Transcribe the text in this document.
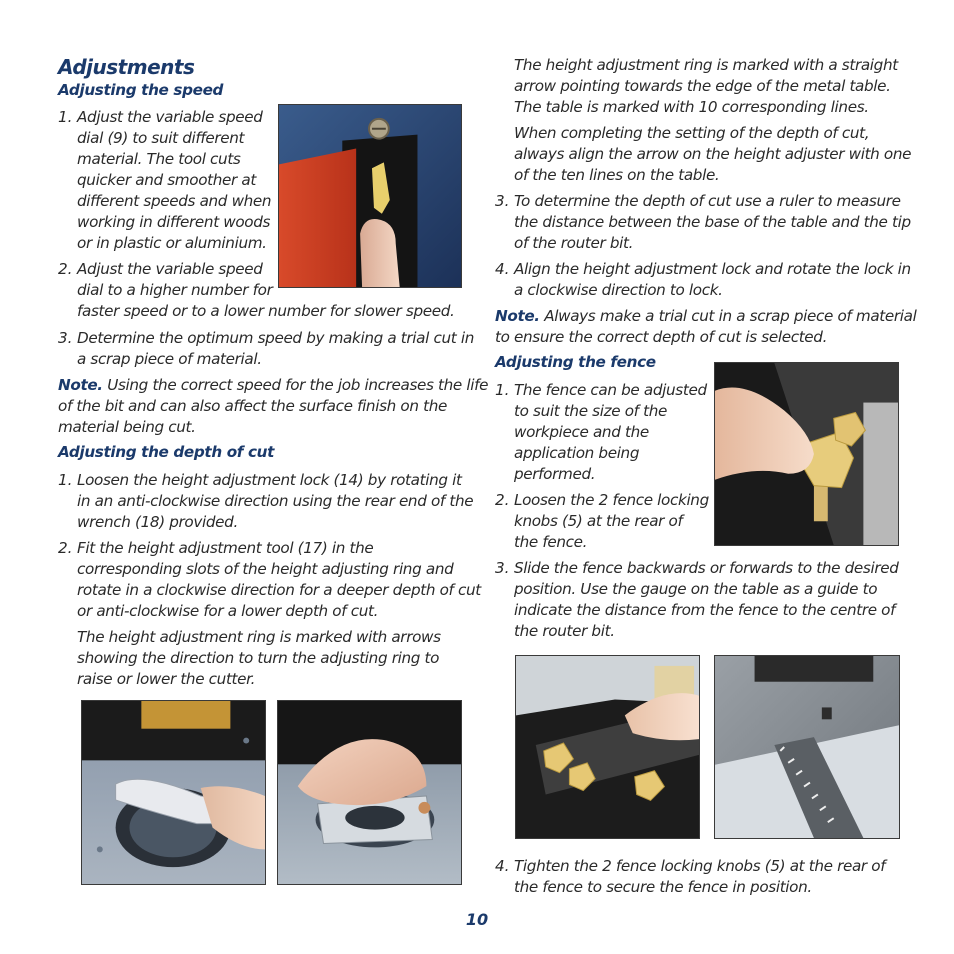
Adjustments
Adjusting the speed
1. Adjust the variable speed
dial (9) to suit different
material. The tool cuts
quicker and smoother at
different speeds and when
working in different woods
or in plastic or aluminium.
2. Adjust the variable speed
dial to a higher number for
faster speed or to a lower number for slower speed.
3. Determine the optimum speed by making a trial cut in
a scrap piece of material.
Note. Using the correct speed for the job increases the life
of the bit and can also affect the surface finish on the
material being cut.
Adjusting the depth of cut
1. Loosen the height adjustment lock (14) by rotating it
in an anti-clockwise direction using the rear end of the
wrench (18) provided.
2. Fit the height adjustment tool (17) in the
corresponding slots of the height adjusting ring and
rotate in a clockwise direction for a deeper depth of cut
or anti-clockwise for a lower depth of cut.
The height adjustment ring is marked with arrows
showing the direction to turn the adjusting ring to
raise or lower the cutter.
The height adjustment ring is marked with a straight
arrow pointing towards the edge of the metal table.
The table is marked with 10 corresponding lines.
When completing the setting of the depth of cut,
always align the arrow on the height adjuster with one
of the ten lines on the table.
3. To determine the depth of cut use a ruler to measure
the distance between the base of the table and the tip
of the router bit.
4. Align the height adjustment lock and rotate the lock in
a clockwise direction to lock.
Note. Always make a trial cut in a scrap piece of material
to ensure the correct depth of cut is selected.
Adjusting the fence
1. The fence can be adjusted
to suit the size of the
workpiece and the
application being
performed.
2. Loosen the 2 fence locking
knobs (5) at the rear of
the fence.
3. Slide the fence backwards or forwards to the desired
position. Use the gauge on the table as a guide to
indicate the distance from the fence to the centre of
the router bit.
4. Tighten the 2 fence locking knobs (5) at the rear of
the fence to secure the fence in position.
10
